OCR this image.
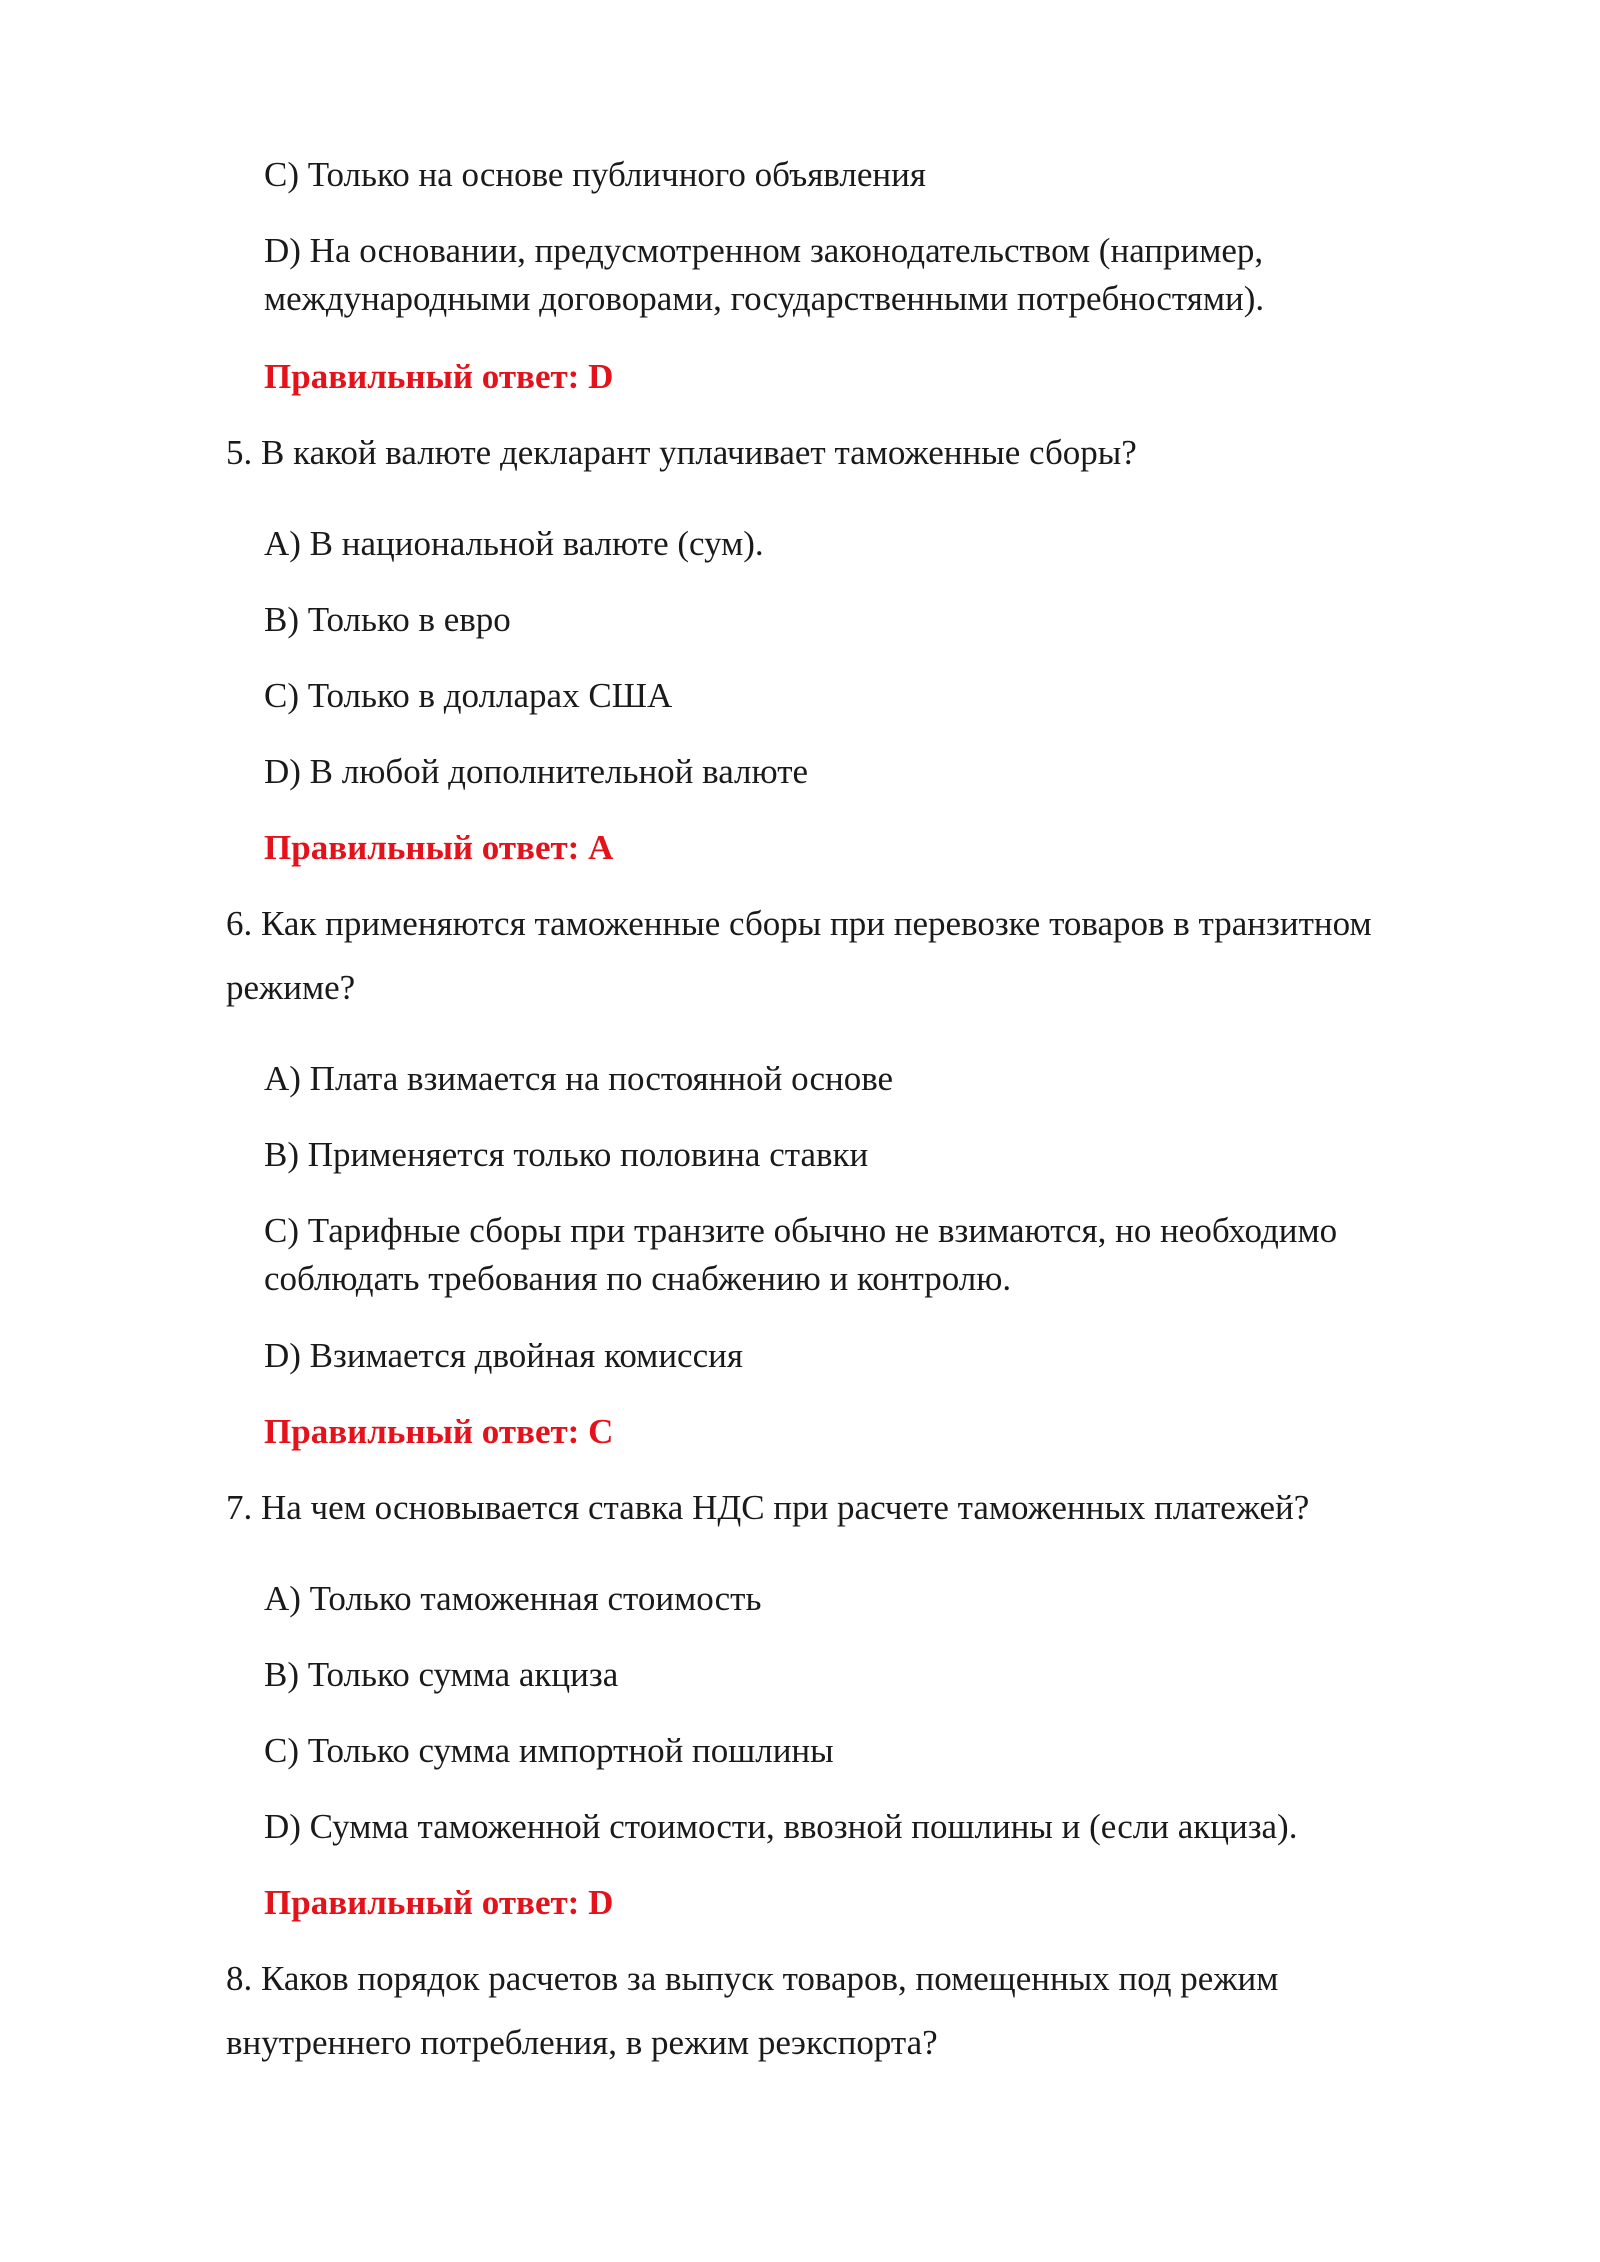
C) Только на основе публичного объявления

D) На основании, предусмотренном законодательством (например,

международными договорами, государственными потребностями).

Правильный ответ: D

5. В какой валюте декларант уплачивает таможенные сборы?

A) В национальной валюте (сум).

B) Только в евро

C) Только в долларах США

D) В любой дополнительной валюте

Правильный ответ: A

6. Как применяются таможенные сборы при перевозке товаров в транзитном

режиме?

A) Плата взимается на постоянной основе

B) Применяется только половина ставки

C) Тарифные сборы при транзите обычно не взимаются, но необходимо

соблюдать требования по снабжению и контролю.

D) Взимается двойная комиссия

Правильный ответ: C

7. На чем основывается ставка НДС при расчете таможенных платежей?

A) Только таможенная стоимость

B) Только сумма акциза

C) Только сумма импортной пошлины

D) Сумма таможенной стоимости, ввозной пошлины и (если акциза).

Правильный ответ: D

8. Каков порядок расчетов за выпуск товаров, помещенных под режим

внутреннего потребления, в режим реэкспорта?
